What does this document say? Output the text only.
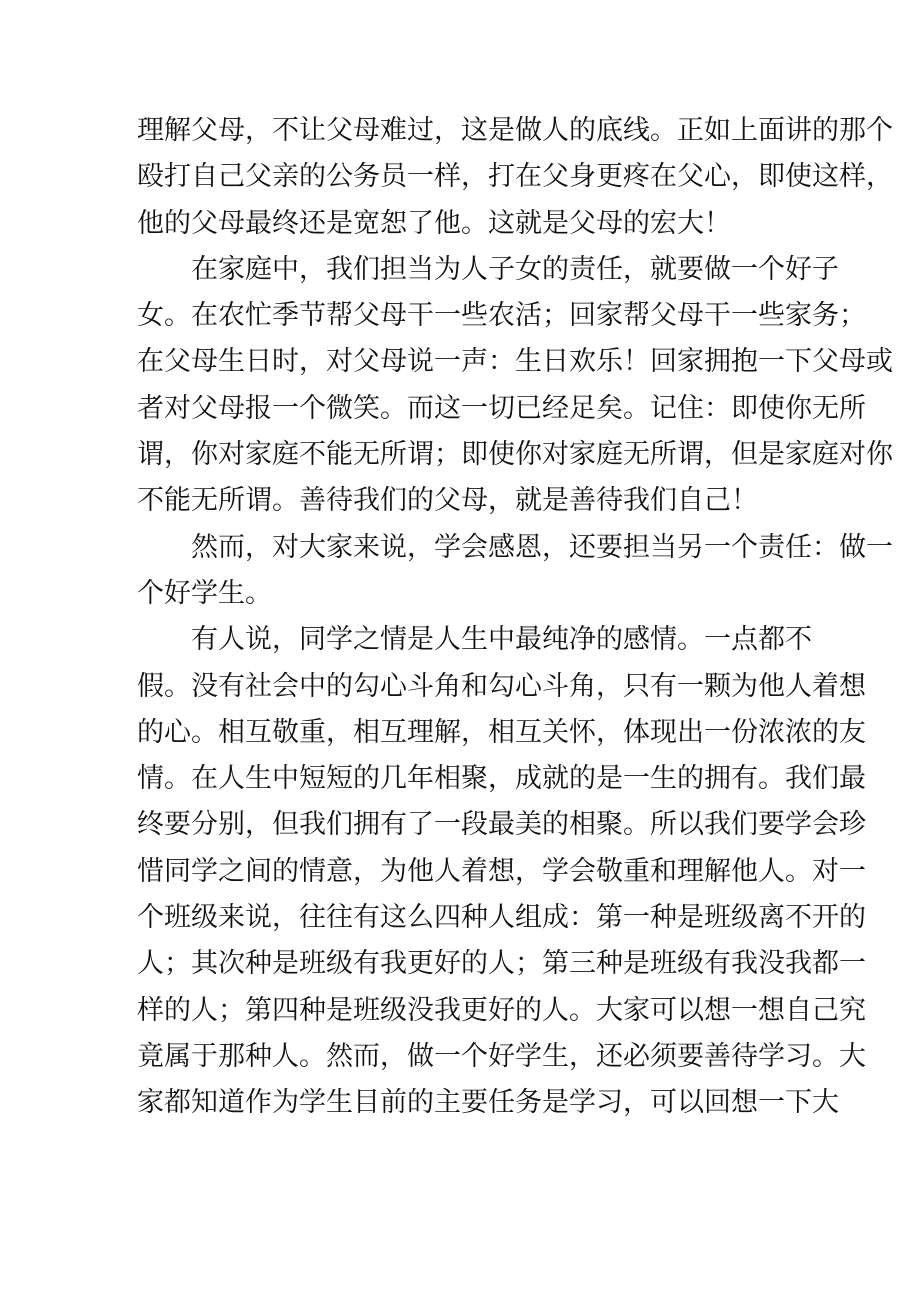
理解父母，不让父母难过，这是做人的底线。正如上面讲的那个
殴打自己父亲的公务员一样，打在父身更疼在父心，即使这样，
他的父母最终还是宽恕了他。这就是父母的宏大！
在家庭中，我们担当为人子女的责任，就要做一个好子
女。在农忙季节帮父母干一些农活；回家帮父母干一些家务；
在父母生日时，对父母说一声：生日欢乐！回家拥抱一下父母或
者对父母报一个微笑。而这一切已经足矣。记住：即使你无所
谓，你对家庭不能无所谓；即使你对家庭无所谓，但是家庭对你
不能无所谓。善待我们的父母，就是善待我们自己！
然而，对大家来说，学会感恩，还要担当另一个责任：做一
个好学生。
有人说，同学之情是人生中最纯净的感情。一点都不
假。没有社会中的勾心斗角和勾心斗角，只有一颗为他人着想
的心。相互敬重，相互理解，相互关怀，体现出一份浓浓的友
情。在人生中短短的几年相聚，成就的是一生的拥有。我们最
终要分别，但我们拥有了一段最美的相聚。所以我们要学会珍
惜同学之间的情意，为他人着想，学会敬重和理解他人。对一
个班级来说，往往有这么四种人组成：第一种是班级离不开的
人；其次种是班级有我更好的人；第三种是班级有我没我都一
样的人；第四种是班级没我更好的人。大家可以想一想自己究
竟属于那种人。然而，做一个好学生，还必须要善待学习。大
家都知道作为学生目前的主要任务是学习，可以回想一下大
